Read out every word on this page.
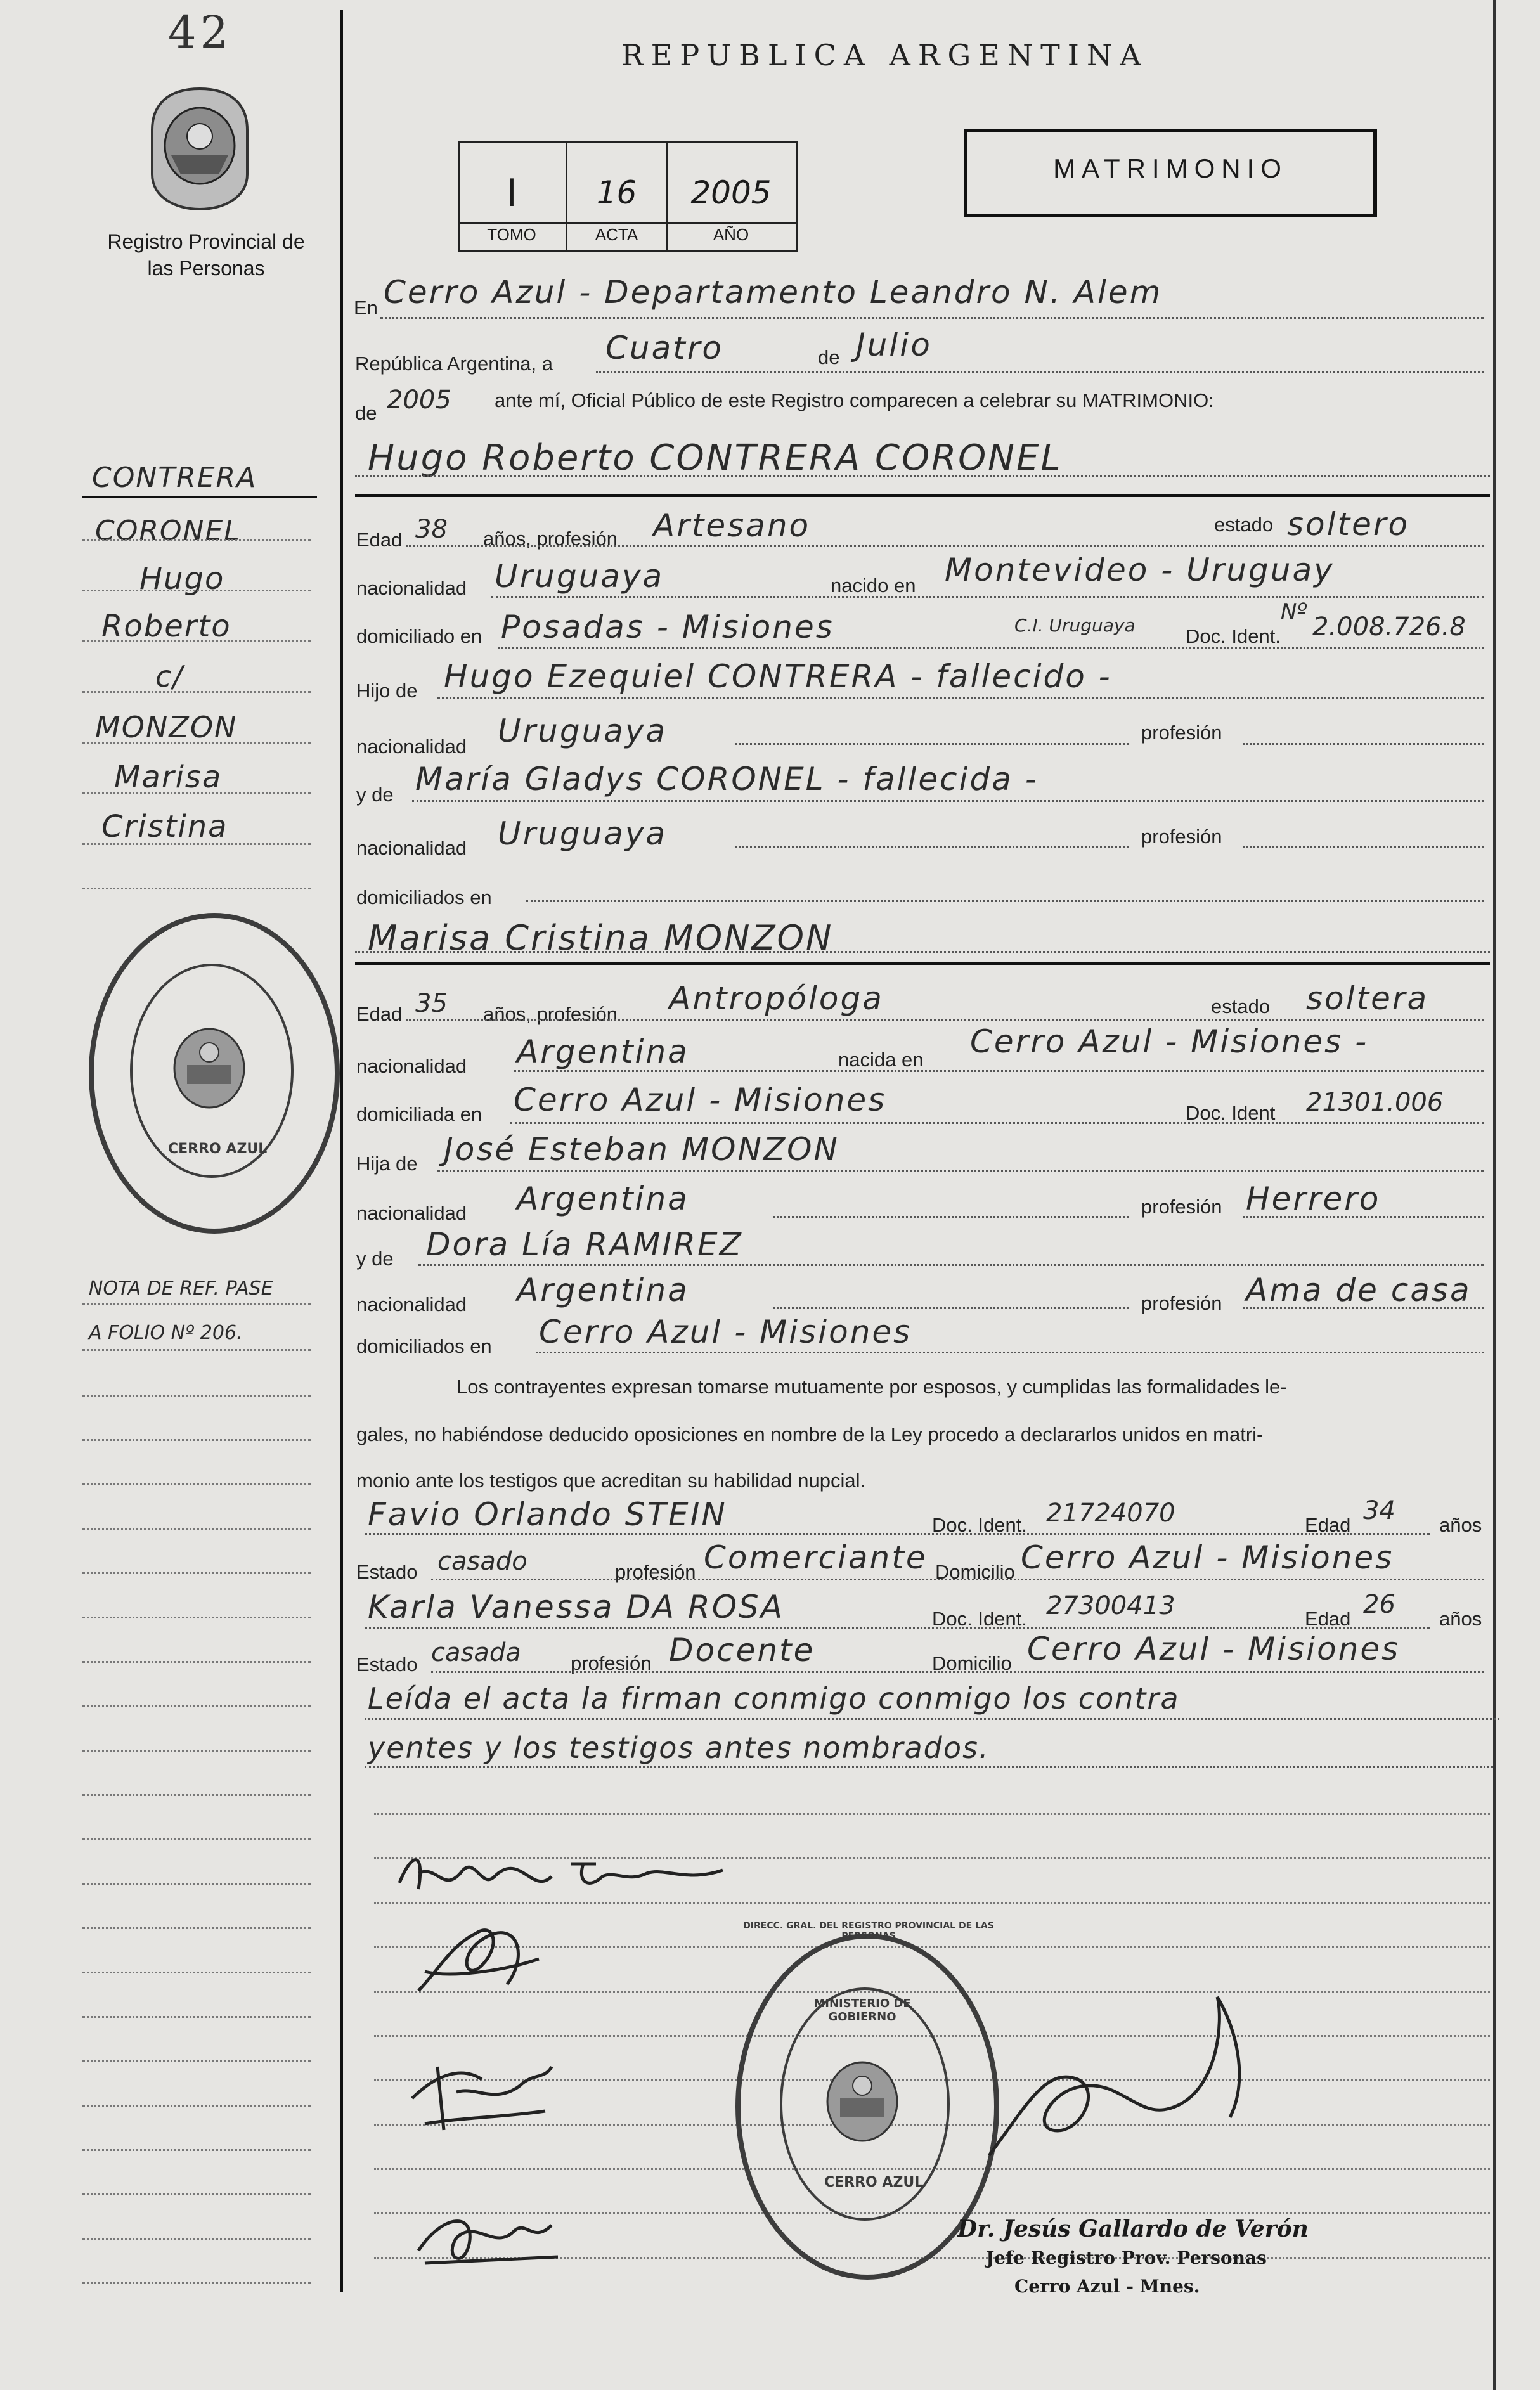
42
Registro Provincial de las Personas
REPUBLICA ARGENTINA
I	16	2005
TOMO	ACTA	AÑO
MATRIMONIO
En Cerro Azul - Departamento Leandro N. Alem
República Argentina, a Cuatro	de Julio
de 2005 ante mí, Oficial Público de este Registro comparecen a celebrar su MATRIMONIO:
Hugo Roberto CONTRERA CORONEL
Edad 38 años, profesión Artesano	estado soltero
nacionalidad Uruguaya	nacido en Montevideo - Uruguay
domiciliado en Posadas - Misiones	C.I. Uruguaya	Doc. Ident.
Nº
2.008.726.8
Hijo de Hugo Ezequiel CONTRERA - fallecido -
nacionalidad Uruguaya	profesión
y de María Gladys CORONEL - fallecida -
nacionalidad Uruguaya	profesión
domiciliados en
Marisa Cristina MONZON
Edad 35 años, profesión Antropóloga	estado soltera
nacionalidad Argentina	nacida en Cerro Azul - Misiones -
domiciliada en Cerro Azul - Misiones	Doc. Ident 21301.006
Hija de José Esteban MONZON
nacionalidad Argentina	profesión Herrero
y de Dora Lía RAMIREZ
nacionalidad Argentina	profesión Ama de casa
domiciliados en Cerro Azul - Misiones
Los contrayentes expresan tomarse mutuamente por esposos, y cumplidas las formalidades le-
gales, no habiéndose deducido oposiciones en nombre de la Ley procedo a declararlos unidos en matri-
monio ante los testigos que acreditan su habilidad nupcial.
Favio Orlando STEIN	Doc. Ident. 21724070	Edad 34 años
Estado casado	profesión Comerciante Domicilio Cerro Azul - Misiones
Karla Vanessa DA ROSA	Doc. Ident. 27300413	Edad 26 años
Estado casada	profesión Docente	Domicilio Cerro Azul - Misiones
Leída el acta la firman conmigo conmigo los contra
yentes y los testigos antes nombrados.
CONTRERA
CORONEL
Hugo
Roberto
c/
MONZON
Marisa
Cristina
NOTA DE REF. PASE
A FOLIO Nº 206.
CERRO AZUL
DIRECC. GRAL. DEL REGISTRO PROVINCIAL DE LAS PERSONAS
MINISTERIO DE GOBIERNO
CERRO AZUL
Dr. Jesús Gallardo de Verón
Jefe Registro Prov. Personas
Cerro Azul - Mnes.
